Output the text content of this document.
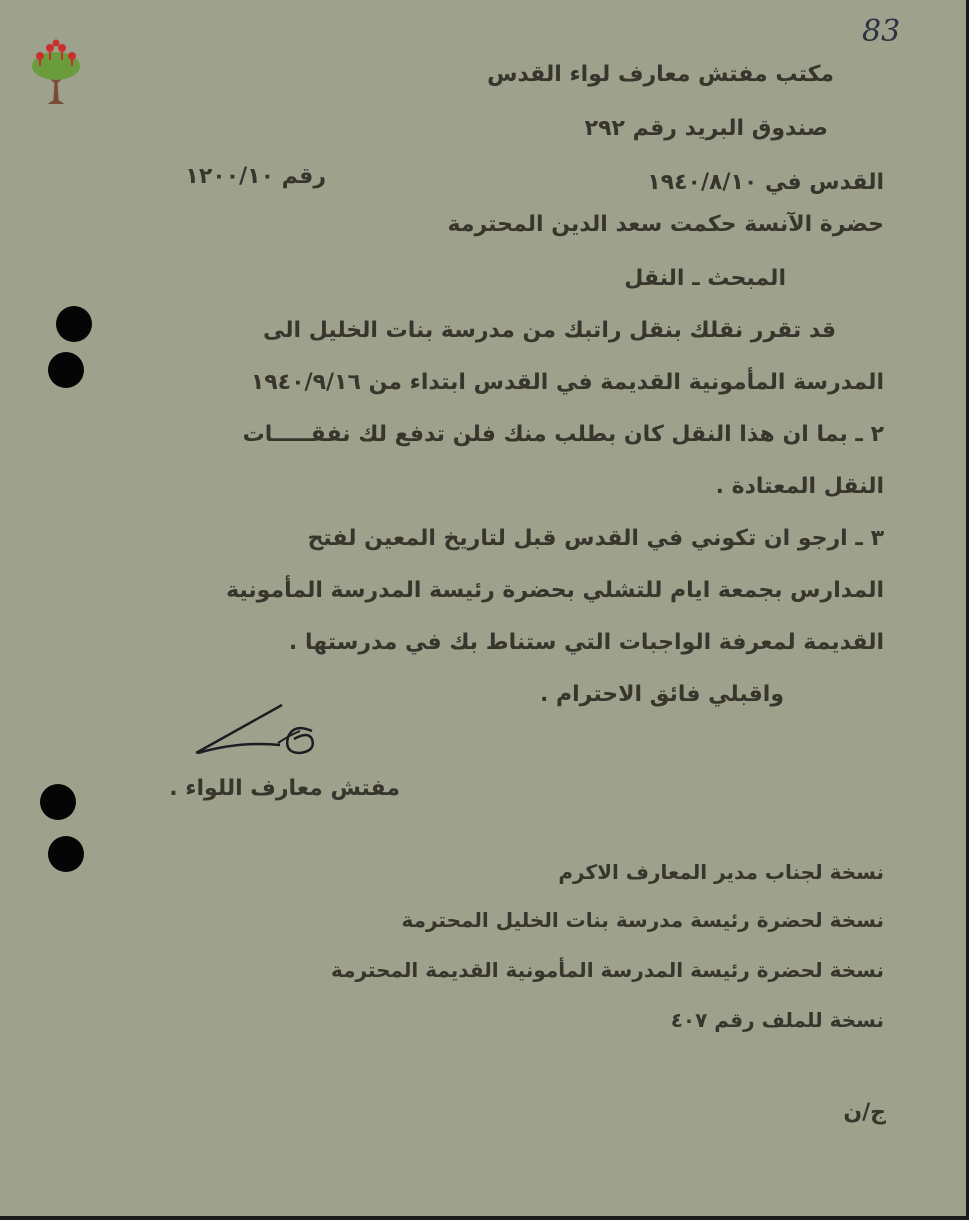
83
مكتب مفتش معارف لواء القدس
صندوق البريد رقم ٢٩٢
القدس في ١٩٤٠/٨/١٠
رقم ١٢٠٠/١٠
حضرة الآنسة حكمت سعد الدين المحترمة
المبحث ـ النقل
قد تقرر نقلك بنقل راتبك من مدرسة بنات الخليل الى
المدرسة المأمونية القديمة في القدس ابتداء من ١٩٤٠/٩/١٦
٢ ـ بما ان هذا النقل كان بطلب منك فلن تدفع لك نفقـــــات
النقل المعتادة .
٣ ـ ارجو ان تكوني في القدس قبل لتاريخ المعين لفتح
المدارس بجمعة ايام للتشلي بحضرة رئيسة المدرسة المأمونية
القديمة لمعرفة الواجبات التي ستناط بك في مدرستها .
واقبلي فائق الاحترام .
مفتش معارف اللواء .
نسخة لجناب مدير المعارف الاكرم
نسخة لحضرة رئيسة مدرسة بنات الخليل المحترمة
نسخة لحضرة رئيسة المدرسة المأمونية القديمة المحترمة
نسخة للملف رقم ٤٠٧
ج/ن
